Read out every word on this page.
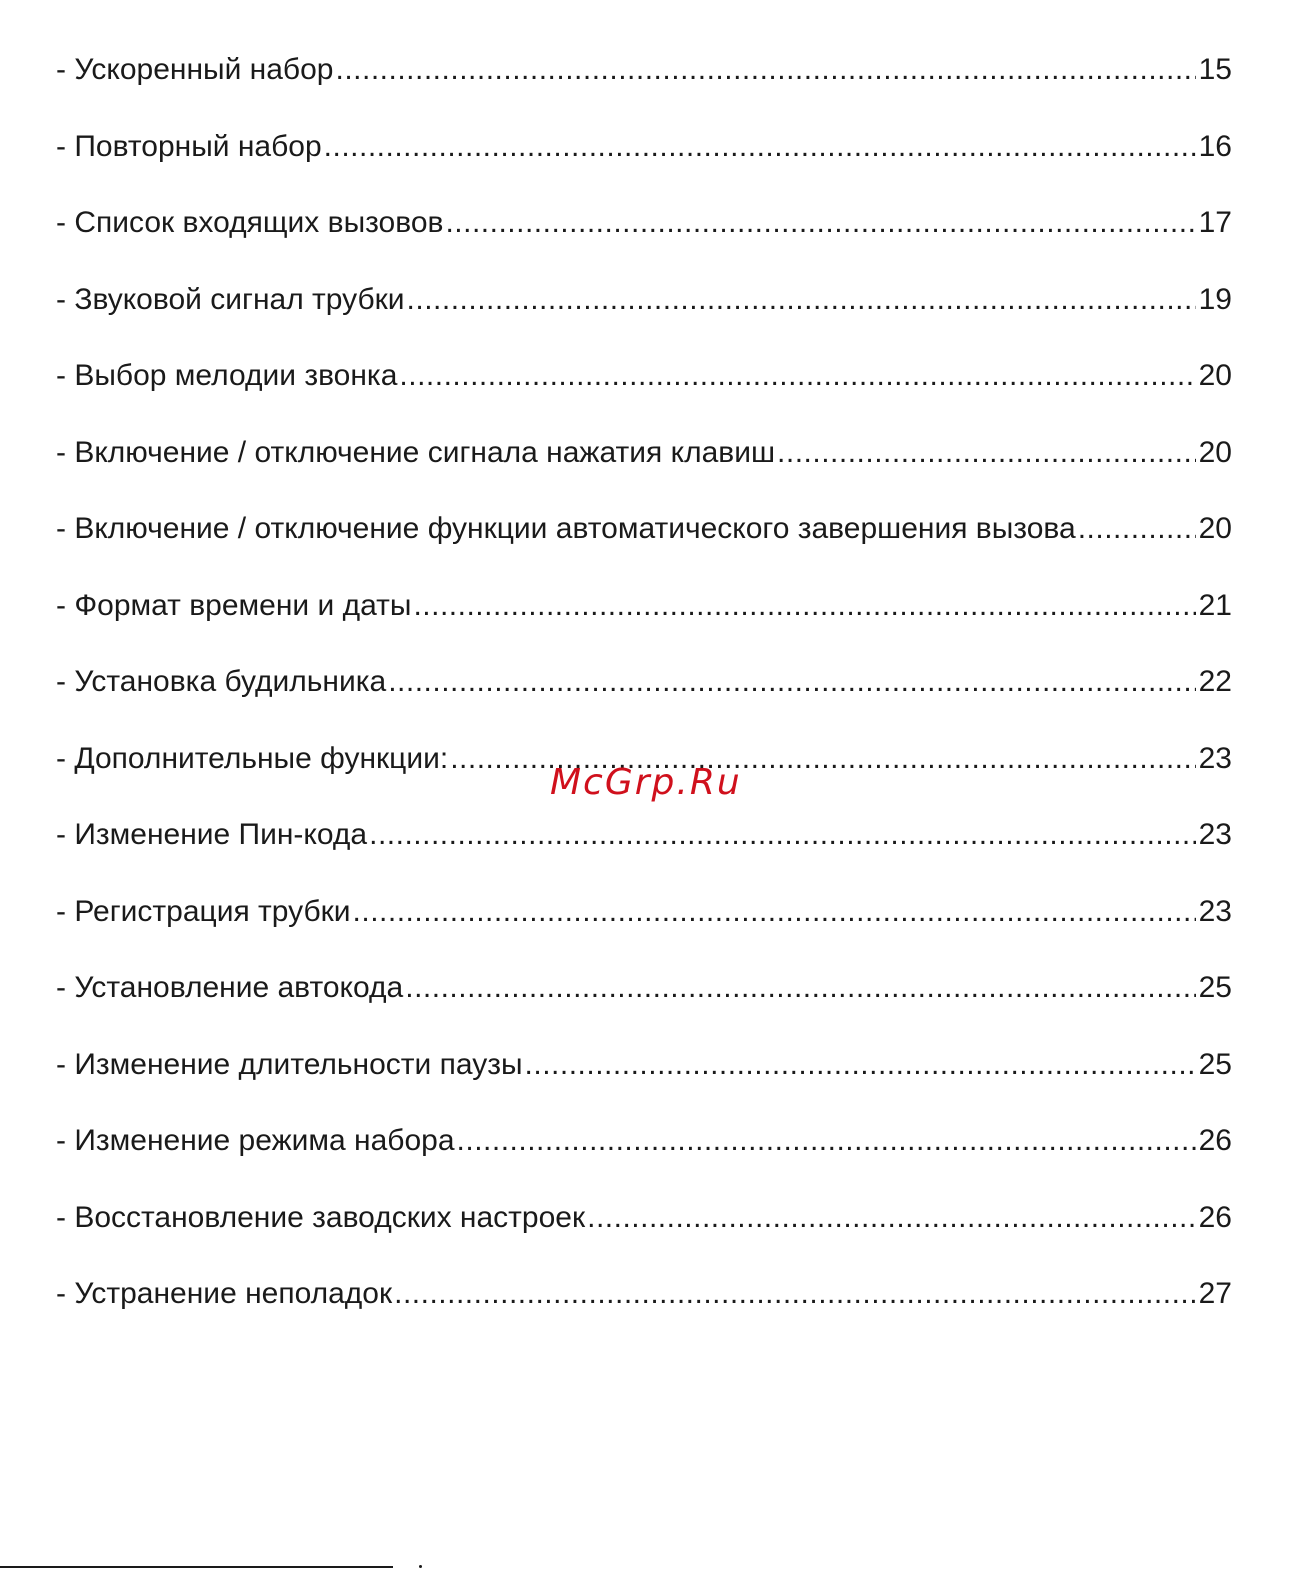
- Ускоренный набор .....	15
- Повторный набор .....	16
- Список входящих вызовов .....	17
- Звуковой сигнал трубки .....	19
- Выбор мелодии звонка .....	20
- Включение / отключение сигнала нажатия клавиш .....	20
- Включение / отключение функции автоматического завершения вызова .....	20
- Формат времени и даты .....	21
- Установка будильника .....	22
- Дополнительные функции: .....	23
- Изменение Пин-кода .....	23
- Регистрация трубки .....	23
- Установление автокода .....	25
- Изменение длительности паузы .....	25
- Изменение режима набора .....	26
- Восстановление заводских настроек .....	26
- Устранение неполадок .....	27
McGrp.Ru
